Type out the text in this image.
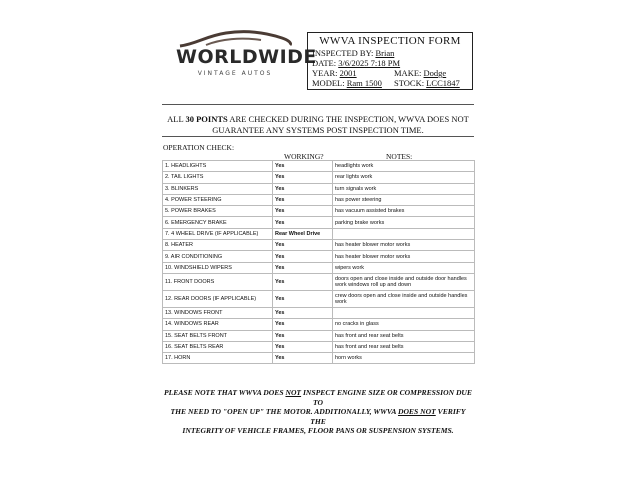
WORLDWIDE
VINTAGE AUTOS
WWVA INSPECTION FORM
INSPECTED BY: Brian
DATE: 3/6/2025 7:18 PM
YEAR: 2001	MAKE: Dodge
MODEL: Ram 1500 STOCK: LCC1847
ALL 30 POINTS ARE CHECKED DURING THE INSPECTION, WWVA DOES NOT
GUARANTEE ANY SYSTEMS POST INSPECTION TIME.
OPERATION CHECK:
WORKING?	NOTES:
1. HEADLIGHTS	Yes	headlights work
2. TAIL LIGHTS	Yes	rear lights work
3. BLINKERS	Yes	turn signals work
4. POWER STEERING	Yes	has power steering
5. POWER BRAKES	Yes	has vacuum assisted brakes
6. EMERGENCY BRAKE	Yes	parking brake works
7. 4 WHEEL DRIVE (IF APPLICABLE)	Rear Wheel Drive	
8. HEATER	Yes	has heater blower motor works
9. AIR CONDITIONING	Yes	has heater blower motor works
10. WINDSHIELD WIPERS	Yes	wipers work
11. FRONT DOORS	Yes	doors open and close inside and outside door handles work windows roll up and down
12. REAR DOORS (IF APPLICABLE)	Yes	crew doors open and close inside and outside handles work
13. WINDOWS FRONT	Yes	
14. WINDOWS REAR	Yes	no cracks in glass
15. SEAT BELTS FRONT	Yes	has front and rear seat belts
16. SEAT BELTS REAR	Yes	has front and rear seat belts
17. HORN	Yes	horn works
PLEASE NOTE THAT WWVA DOES NOT INSPECT ENGINE SIZE OR COMPRESSION DUE TO
THE NEED TO "OPEN UP" THE MOTOR. ADDITIONALLY, WWVA DOES NOT VERIFY THE
INTEGRITY OF VEHICLE FRAMES, FLOOR PANS OR SUSPENSION SYSTEMS.
